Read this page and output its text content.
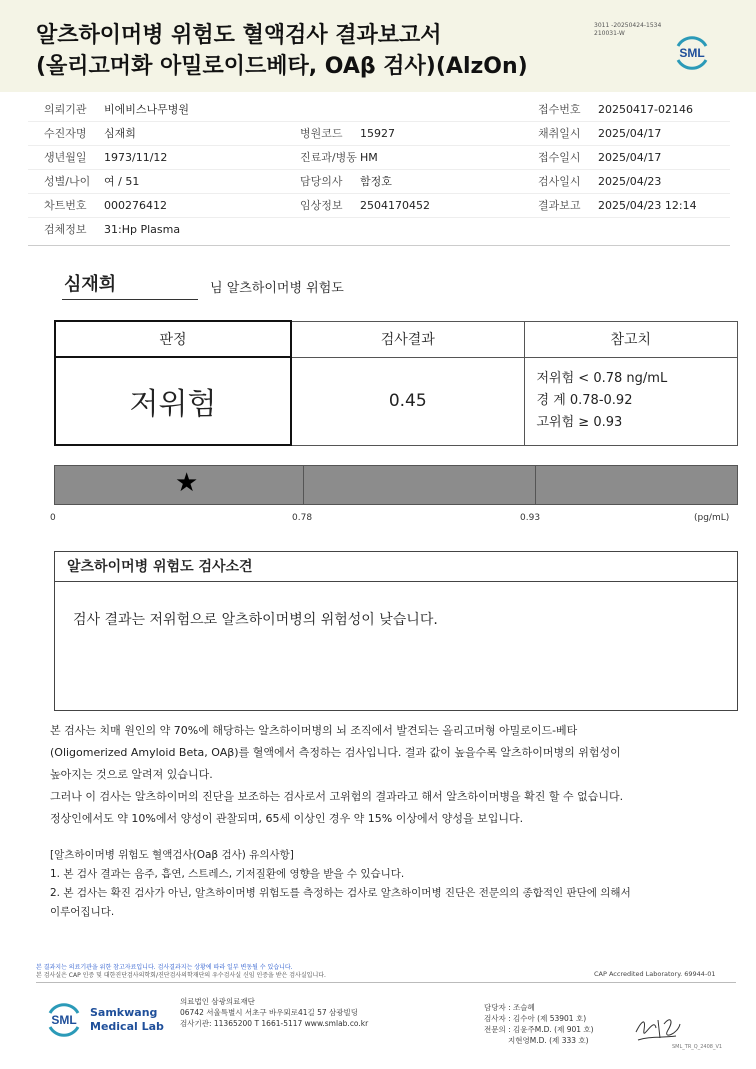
알츠하이머병 위험도 혈액검사 결과보고서
(올리고머화 아밀로이드베타, OAβ 검사)(AlzOn)
3011 -20250424-1534
210031-W
SML
의뢰기관 비에비스나무병원	접수번호 20250417-02146
수진자명 심재희	병원코드 15927	채취일시 2025/04/17
생년월일 1973/11/12	진료과/병동 HM	접수일시 2025/04/17
성별/나이 여 / 51	담당의사 함정호	검사일시 2025/04/23
차트번호 000276412	임상정보 2504170452	결과보고 2025/04/23 12:14
검체정보 31:Hp Plasma
심재희	님 알츠하이머병 위험도
판정	검사결과	참고치
저위험	0.45	저위험 < 0.78 ng/mL
경 계 0.78-0.92
고위험 ≥ 0.93
★
0	0.78	0.93	(pg/mL)
알츠하이머병 위험도 검사소견
검사 결과는 저위험으로 알츠하이머병의 위험성이 낮습니다.
본 검사는 치매 원인의 약 70%에 해당하는 알츠하이머병의 뇌 조직에서 발견되는 올리고머형 아밀로이드-베타
(Oligomerized Amyloid Beta, OAβ)를 혈액에서 측정하는 검사입니다. 결과 값이 높을수록 알츠하이머병의 위험성이
높아지는 것으로 알려져 있습니다.
그러나 이 검사는 알츠하이머의 진단을 보조하는 검사로서 고위험의 결과라고 해서 알츠하이머병을 확진 할 수 없습니다.
정상인에서도 약 10%에서 양성이 관찰되며, 65세 이상인 경우 약 15% 이상에서 양성을 보입니다.
[알츠하이머병 위험도 혈액검사(Oaβ 검사) 유의사항]
1. 본 검사 결과는 음주, 흡연, 스트레스, 기저질환에 영향을 받을 수 있습니다.
2. 본 검사는 확진 검사가 아닌, 알츠하이머병 위험도를 측정하는 검사로 알츠하이머병 진단은 전문의의 종합적인 판단에 의해서
이루어집니다.
본 결과지는 의료기관을 위한 참고자료입니다. 검사결과지는 상황에 따라 일부 변동될 수 있습니다.
본 검사실은 CAP 인증 및 대한진단검사의학회/진단검사의학재단의 우수검사실 신임 인증을 받은 검사실입니다.	CAP Accredited Laboratory. 69944-01
SML
Samkwang
Medical Lab
의료법인 삼광의료재단
06742 서울특별시 서초구 바우뫼로41길 57 삼광빌딩
검사기관: 11365200 T 1661-5117 www.smlab.co.kr
담당자 : 조슬혜
검사자 : 김수아 (제 53901 호)
전문의 : 김윤주M.D. (제 901 호)
지현영M.D. (제 333 호)
SML_TR_Q_2408_V1
